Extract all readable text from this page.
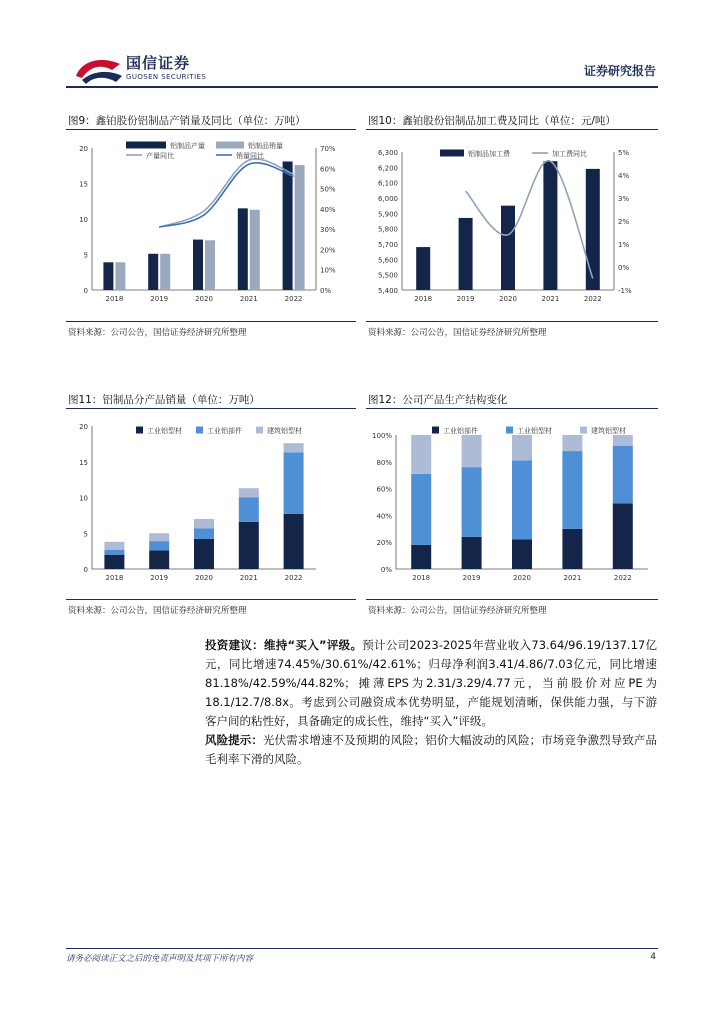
国信证券
GUOSEN SECURITIES	证券研究报告
图9：鑫铂股份铝制品产销量及同比（单位：万吨）
资料来源：公司公告，国信证券经济研究所整理
图10：鑫铂股份铝制品加工费及同比（单位：元/吨）
资料来源：公司公告，国信证券经济研究所整理
图11：铝制品分产品销量（单位：万吨）
资料来源：公司公告，国信证券经济研究所整理
图12：公司产品生产结构变化
资料来源：公司公告，国信证券经济研究所整理
0
5
10
15
20
0%
10%
20%
30%
40%
50%
60%
70%
2018	2019	2020	2021	2022
铝制品产量	铝制品销量
产量同比	销量同比
5,400
5,500
5,600
5,700
5,800
5,900
6,000
6,100
6,200
6,300
-1%
0%
1%
2%
3%
4%
5%
2018	2019	2020	2021	2022
铝制品加工费	加工费同比
0
5
10
15
20
2018	2019	2020	2021	2022
工业铝型材	工业铝部件	建筑铝型材
0%
20%
40%
60%
80%
100%
2018	2019	2020	2021	2022
工业铝部件	工业铝型材	建筑铝型材
投资建议：维持“买入”评级。预计公司2023-2025年营业收入73.64/96.19/137.17亿元，同比增速74.45%/30.61%/42.61%；归母净利润3.41/4.86/7.03亿元，同比增速81.18%/42.59%/44.82%；摊薄EPS为2.31/3.29/4.77元，当前股价对应PE为18.1/12.7/8.8x。考虑到公司融资成本优势明显，产能规划清晰，保供能力强，与下游客户间的粘性好，具备确定的成长性，维持“买入”评级。
风险提示：光伏需求增速不及预期的风险；铝价大幅波动的风险；市场竞争激烈导致产品毛利率下滑的风险。
请务必阅读正文之后的免责声明及其项下所有内容	4
